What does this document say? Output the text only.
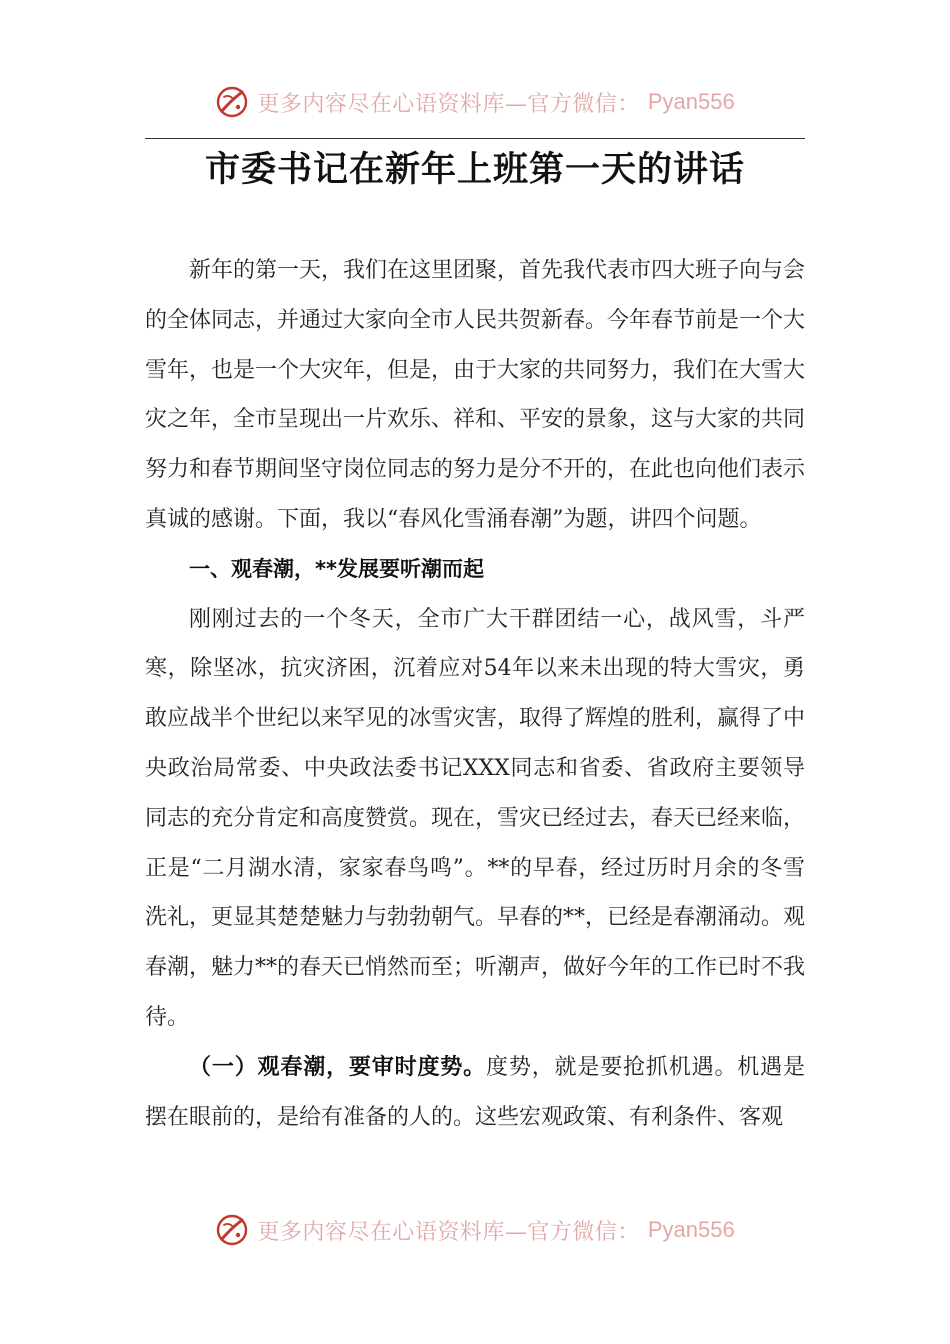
更多内容尽在心语资料库—官方微信： Pyan556
市委书记在新年上班第一天的讲话

新年的第一天，我们在这里团聚，首先我代表市四大班子向与会的全体同志，并通过大家向全市人民共贺新春。今年春节前是一个大雪年，也是一个大灾年，但是，由于大家的共同努力，我们在大雪大灾之年，全市呈现出一片欢乐、祥和、平安的景象，这与大家的共同努力和春节期间坚守岗位同志的努力是分不开的，在此也向他们表示真诚的感谢。下面，我以“春风化雪涌春潮”为题，讲四个问题。

一、观春潮，**发展要听潮而起

刚刚过去的一个冬天，全市广大干群团结一心，战风雪，斗严寒，除坚冰，抗灾济困，沉着应对54年以来未出现的特大雪灾，勇敢应战半个世纪以来罕见的冰雪灾害，取得了辉煌的胜利，赢得了中央政治局常委、中央政法委书记XXX同志和省委、省政府主要领导同志的充分肯定和高度赞赏。现在，雪灾已经过去，春天已经来临，正是“二月湖水清，家家春鸟鸣”。**的早春，经过历时月余的冬雪洗礼，更显其楚楚魅力与勃勃朝气。早春的**，已经是春潮涌动。观春潮，魅力**的春天已悄然而至；听潮声，做好今年的工作已时不我待。

（一）观春潮，要审时度势。度势，就是要抢抓机遇。机遇是摆在眼前的，是给有准备的人的。这些宏观政策、有利条件、客观

更多内容尽在心语资料库—官方微信： Pyan556
